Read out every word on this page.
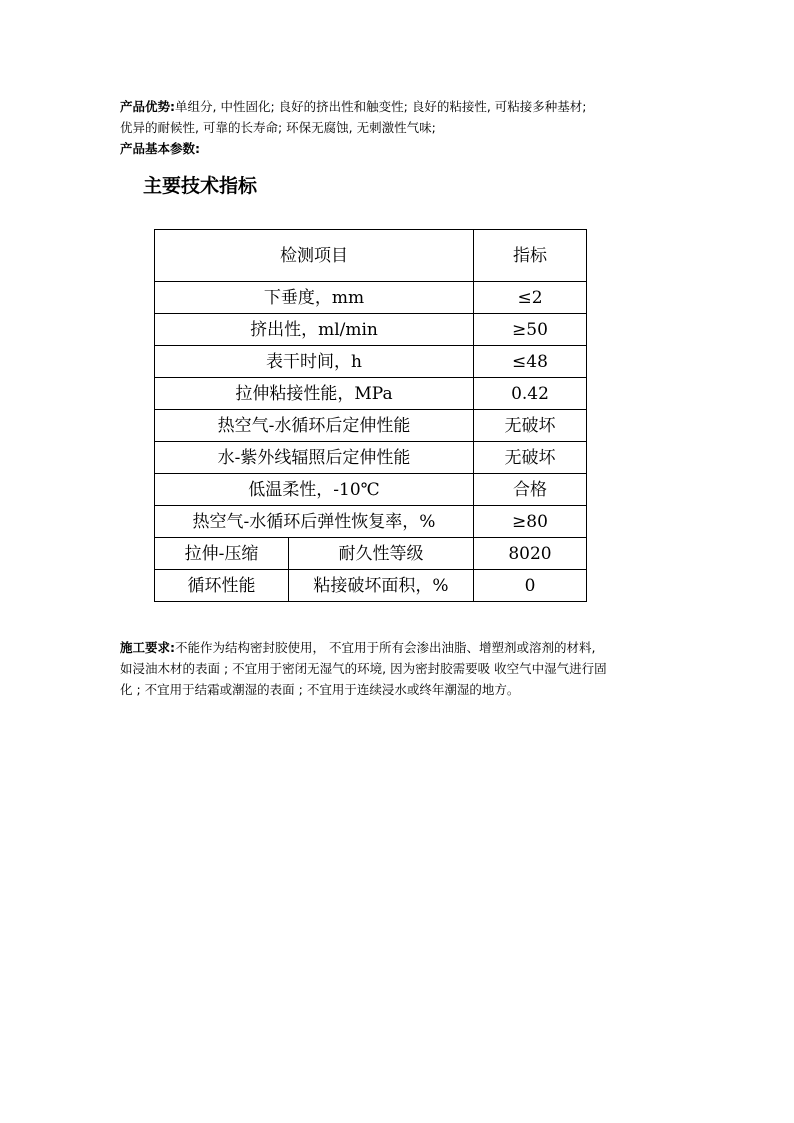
产品优势:单组分, 中性固化; 良好的挤出性和触变性; 良好的粘接性, 可粘接多种基材;
优异的耐候性, 可靠的长寿命; 环保无腐蚀, 无刺激性气味;
产品基本参数:
主要技术指标
检测项目		指标
下垂度，mm		≤2
挤出性，ml/min		≥50
表干时间，h		≤48
拉伸粘接性能，MPa		0.42
热空气-水循环后定伸性能		无破坏
水-紫外线辐照后定伸性能		无破坏
低温柔性，-10℃		合格
热空气-水循环后弹性恢复率，%		≥80
拉伸-压缩	耐久性等级	8020
循环性能	粘接破坏面积，%	0
施工要求:不能作为结构密封胶使用， 不宜用于所有会渗出油脂、增塑剂或溶剂的材料,
如浸油木材的表面 ; 不宜用于密闭无湿气的环境, 因为密封胶需要吸 收空气中湿气进行固
化 ; 不宜用于结霜或潮湿的表面 ; 不宜用于连续浸水或终年潮湿的地方。
